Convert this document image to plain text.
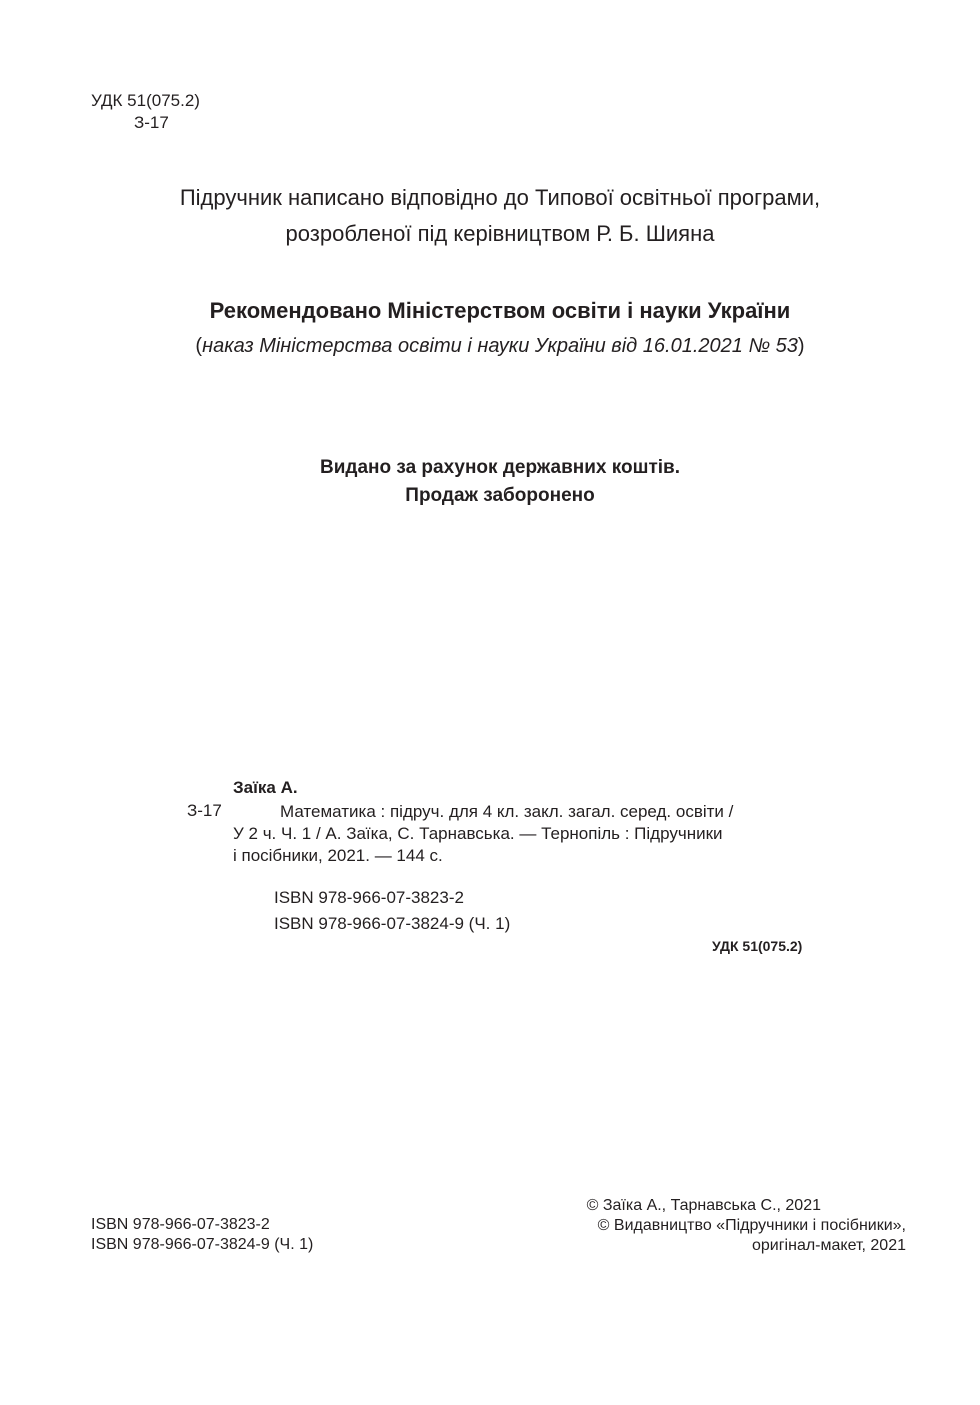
УДК 51(075.2)
З-17
Підручник написано відповідно до Типової освітньої програми,
розробленої під керівництвом Р. Б. Шияна
Рекомендовано Міністерством освіти і науки України
(наказ Міністерства освіти і науки України від 16.01.2021 № 53)
Видано за рахунок державних коштів.
Продаж заборонено
Заїка А.
З-17	Математика : підруч. для 4 кл. закл. загал. серед. освіти /
У 2 ч. Ч. 1 / А. Заїка, С. Тарнавська. — Тернопіль : Підручники
і посібники, 2021. — 144 с.
ISBN 978-966-07-3823-2
ISBN 978-966-07-3824-9 (Ч. 1)
УДК 51(075.2)
ISBN 978-966-07-3823-2
ISBN 978-966-07-3824-9 (Ч. 1)
© Заїка А., Тарнавська С., 2021
© Видавництво «Підручники і посібники»,
оригінал-макет, 2021
